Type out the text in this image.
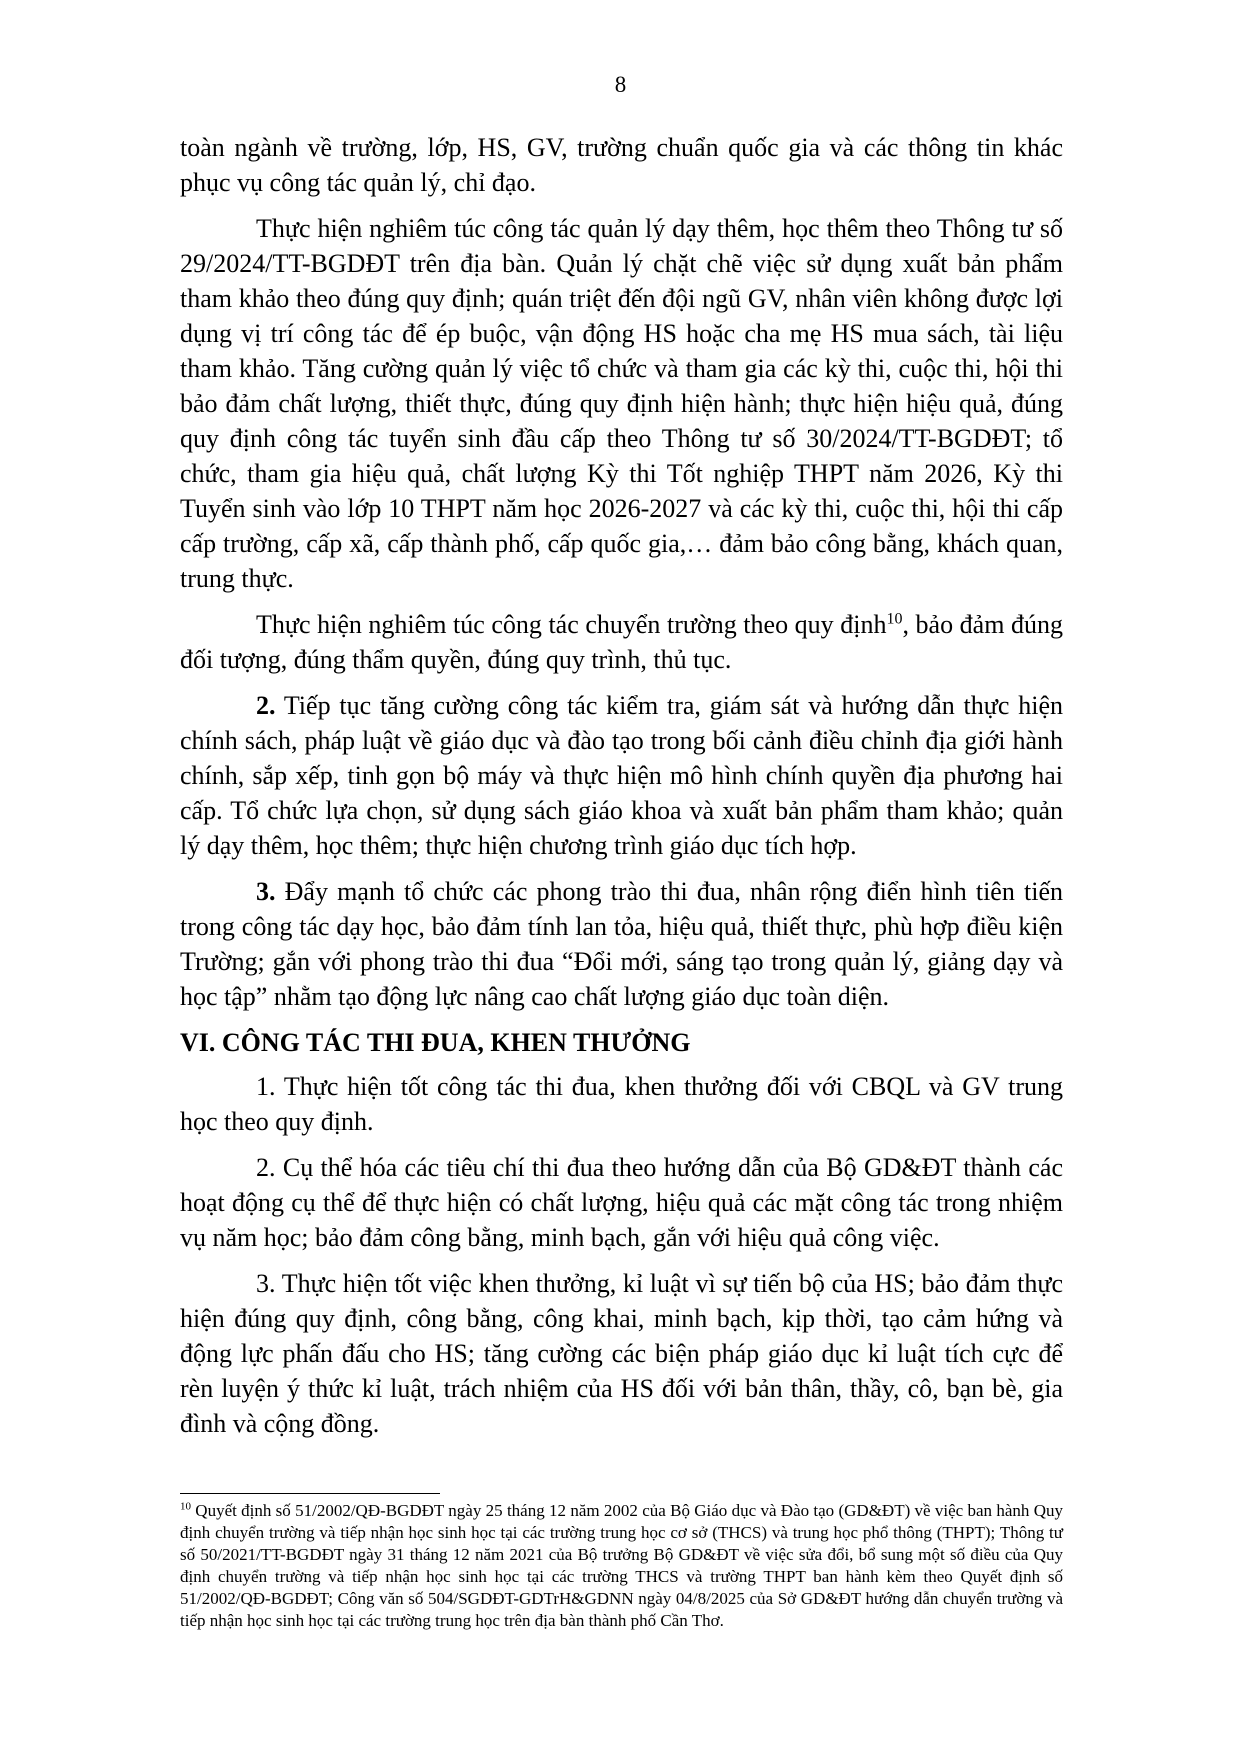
8

toàn ngành về trường, lớp, HS, GV, trường chuẩn quốc gia và các thông tin khác phục vụ công tác quản lý, chỉ đạo.

Thực hiện nghiêm túc công tác quản lý dạy thêm, học thêm theo Thông tư số 29/2024/TT-BGDĐT trên địa bàn. Quản lý chặt chẽ việc sử dụng xuất bản phẩm tham khảo theo đúng quy định; quán triệt đến đội ngũ GV, nhân viên không được lợi dụng vị trí công tác để ép buộc, vận động HS hoặc cha mẹ HS mua sách, tài liệu tham khảo. Tăng cường quản lý việc tổ chức và tham gia các kỳ thi, cuộc thi, hội thi bảo đảm chất lượng, thiết thực, đúng quy định hiện hành; thực hiện hiệu quả, đúng quy định công tác tuyển sinh đầu cấp theo Thông tư số 30/2024/TT-BGDĐT; tổ chức, tham gia hiệu quả, chất lượng Kỳ thi Tốt nghiệp THPT năm 2026, Kỳ thi Tuyển sinh vào lớp 10 THPT năm học 2026-2027 và các kỳ thi, cuộc thi, hội thi cấp cấp trường, cấp xã, cấp thành phố, cấp quốc gia,… đảm bảo công bằng, khách quan, trung thực.

Thực hiện nghiêm túc công tác chuyển trường theo quy định$^{10}$, bảo đảm đúng đối tượng, đúng thẩm quyền, đúng quy trình, thủ tục.

2. Tiếp tục tăng cường công tác kiểm tra, giám sát và hướng dẫn thực hiện chính sách, pháp luật về giáo dục và đào tạo trong bối cảnh điều chỉnh địa giới hành chính, sắp xếp, tinh gọn bộ máy và thực hiện mô hình chính quyền địa phương hai cấp. Tổ chức lựa chọn, sử dụng sách giáo khoa và xuất bản phẩm tham khảo; quản lý dạy thêm, học thêm; thực hiện chương trình giáo dục tích hợp.

3. Đẩy mạnh tổ chức các phong trào thi đua, nhân rộng điển hình tiên tiến trong công tác dạy học, bảo đảm tính lan tỏa, hiệu quả, thiết thực, phù hợp điều kiện Trường; gắn với phong trào thi đua “Đổi mới, sáng tạo trong quản lý, giảng dạy và học tập” nhằm tạo động lực nâng cao chất lượng giáo dục toàn diện.

VI. CÔNG TÁC THI ĐUA, KHEN THƯỞNG

1. Thực hiện tốt công tác thi đua, khen thưởng đối với CBQL và GV trung học theo quy định.

2. Cụ thể hóa các tiêu chí thi đua theo hướng dẫn của Bộ GD&ĐT thành các hoạt động cụ thể để thực hiện có chất lượng, hiệu quả các mặt công tác trong nhiệm vụ năm học; bảo đảm công bằng, minh bạch, gắn với hiệu quả công việc.

3. Thực hiện tốt việc khen thưởng, kỉ luật vì sự tiến bộ của HS; bảo đảm thực hiện đúng quy định, công bằng, công khai, minh bạch, kịp thời, tạo cảm hứng và động lực phấn đấu cho HS; tăng cường các biện pháp giáo dục kỉ luật tích cực để rèn luyện ý thức kỉ luật, trách nhiệm của HS đối với bản thân, thầy, cô, bạn bè, gia đình và cộng đồng.

$^{10}$ Quyết định số 51/2002/QĐ-BGDĐT ngày 25 tháng 12 năm 2002 của Bộ Giáo dục và Đào tạo (GD&ĐT) về việc ban hành Quy định chuyển trường và tiếp nhận học sinh học tại các trường trung học cơ sở (THCS) và trung học phổ thông (THPT); Thông tư số 50/2021/TT-BGDĐT ngày 31 tháng 12 năm 2021 của Bộ trưởng Bộ GD&ĐT về việc sửa đổi, bổ sung một số điều của Quy định chuyển trường và tiếp nhận học sinh học tại các trường THCS và trường THPT ban hành kèm theo Quyết định số 51/2002/QĐ-BGDĐT; Công văn số 504/SGDĐT-GDTrH&GDNN ngày 04/8/2025 của Sở GD&ĐT hướng dẫn chuyển trường và tiếp nhận học sinh học tại các trường trung học trên địa bàn thành phố Cần Thơ.
